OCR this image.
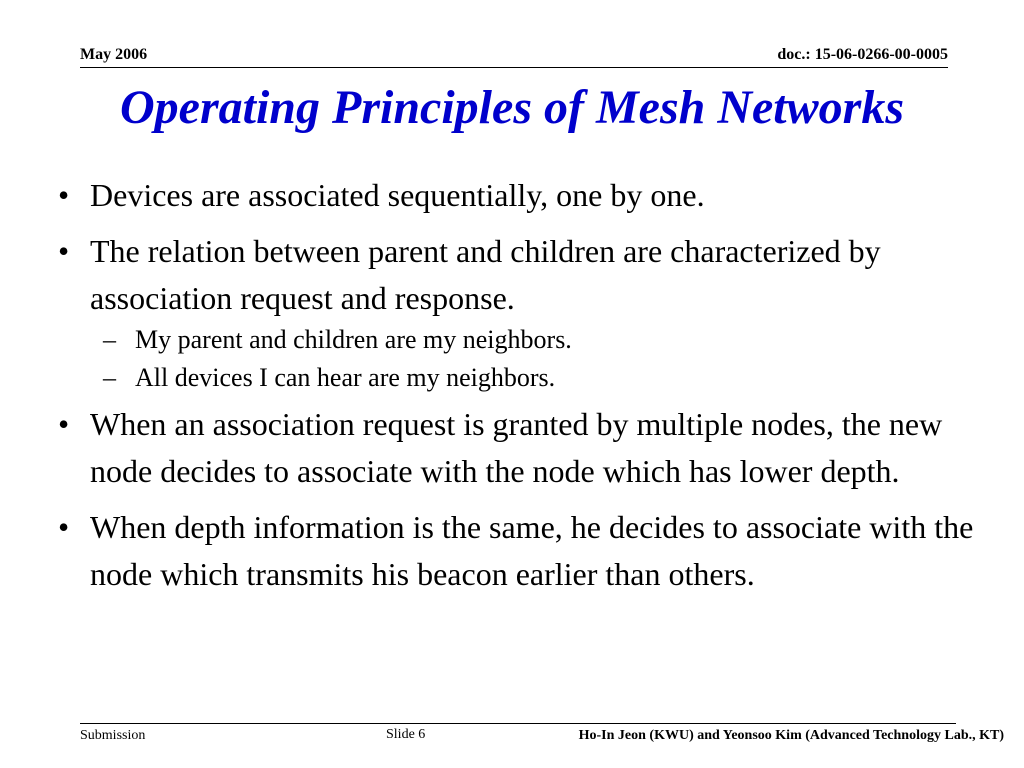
May 2006	doc.: 15-06-0266-00-0005
Operating Principles of Mesh Networks
• Devices are associated sequentially, one by one.
• The relation between parent and children are characterized by association request and response.
– My parent and children are my neighbors.
– All devices I can hear are my neighbors.
• When an association request is granted by multiple nodes, the new node decides to associate with the node which has lower depth.
• When depth information is the same, he decides to associate with the node which transmits his beacon earlier than others.
Submission	Slide 6	Ho-In Jeon (KWU) and Yeonsoo Kim (Advanced Technology Lab., KT)
